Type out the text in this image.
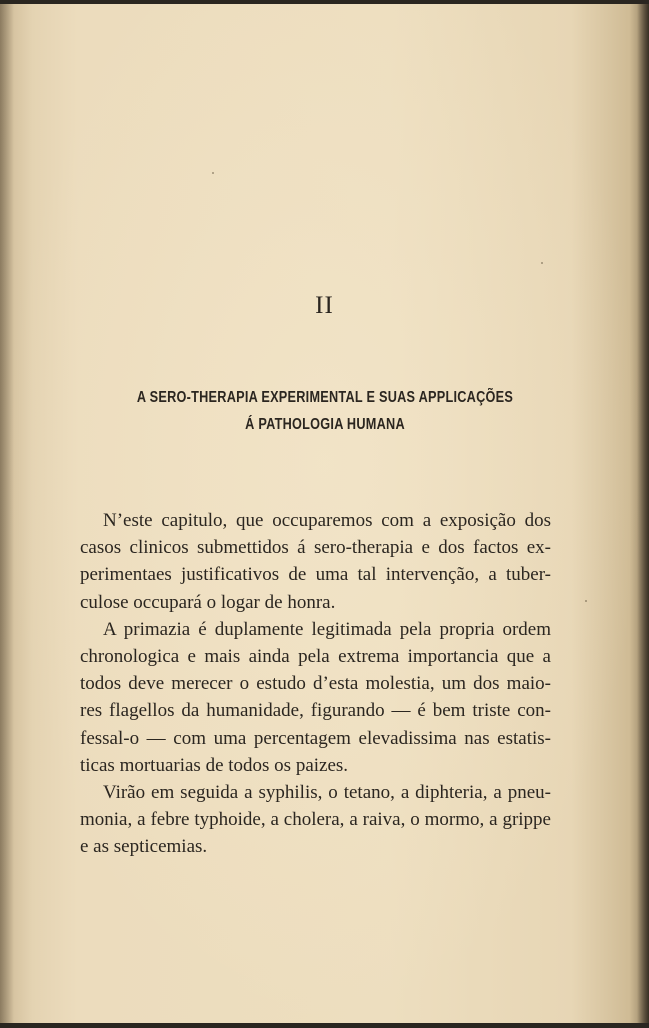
II
A SERO-THERAPIA EXPERIMENTAL E SUAS APPLICAÇÕES
Á PATHOLOGIA HUMANA
N’este capitulo, que occuparemos com a exposição dos
casos clinicos submettidos á sero-therapia e dos factos ex-
perimentaes justificativos de uma tal intervenção, a tuber-
culose occupará o logar de honra.
A primazia é duplamente legitimada pela propria ordem
chronologica e mais ainda pela extrema importancia que a
todos deve merecer o estudo d’esta molestia, um dos maio-
res flagellos da humanidade, figurando — é bem triste con-
fessal-o — com uma percentagem elevadissima nas estatis-
ticas mortuarias de todos os paizes.
Virão em seguida a syphilis, o tetano, a diphteria, a pneu-
monia, a febre typhoide, a cholera, a raiva, o mormo, a grippe
e as septicemias.
